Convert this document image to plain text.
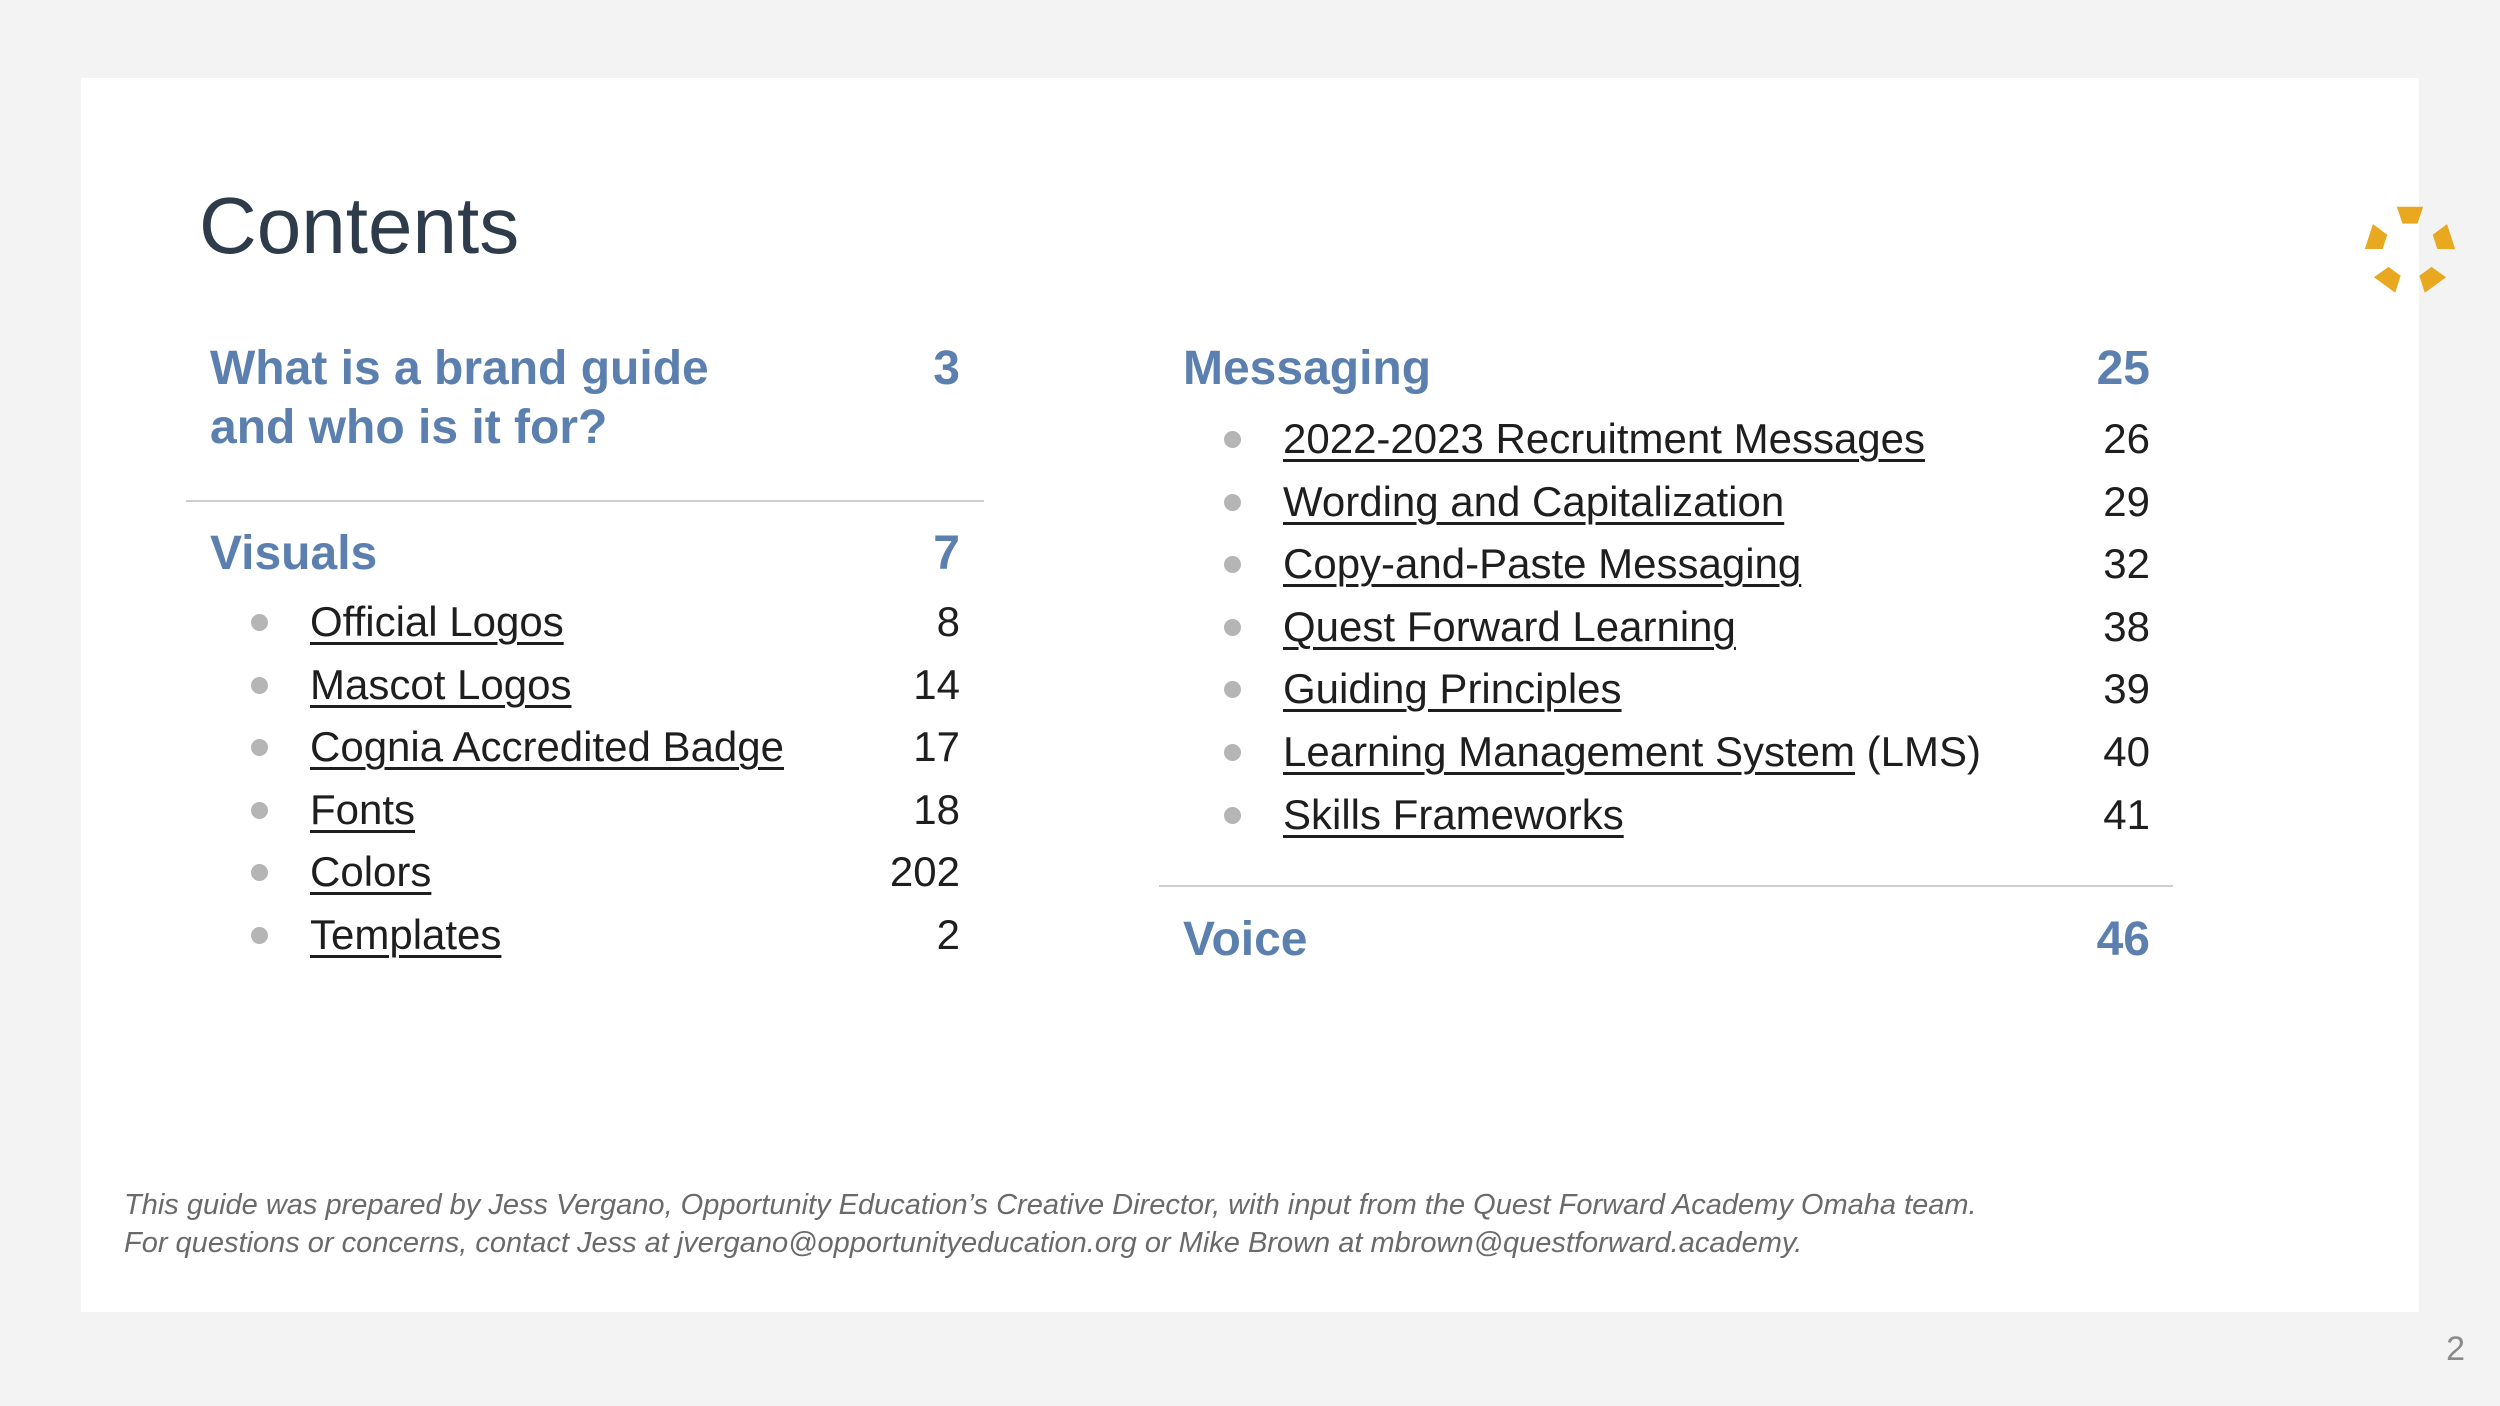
Contents
What is a brand guide
and who is it for?
3
Visuals	7
Official Logos	8
Mascot Logos	14
Cognia Accredited Badge	17
Fonts	18
Colors	202
Templates	2
Messaging	25
2022-2023 Recruitment Messages	26
Wording and Capitalization	29
Copy-and-Paste Messaging	32
Quest Forward Learning	38
Guiding Principles	39
Learning Management System (LMS)	40
Skills Frameworks	41
Voice	46
This guide was prepared by Jess Vergano, Opportunity Education’s Creative Director, with input from the Quest Forward Academy Omaha team.
For questions or concerns, contact Jess at jvergano@opportunityeducation.org or Mike Brown at mbrown@questforward.academy.
2
